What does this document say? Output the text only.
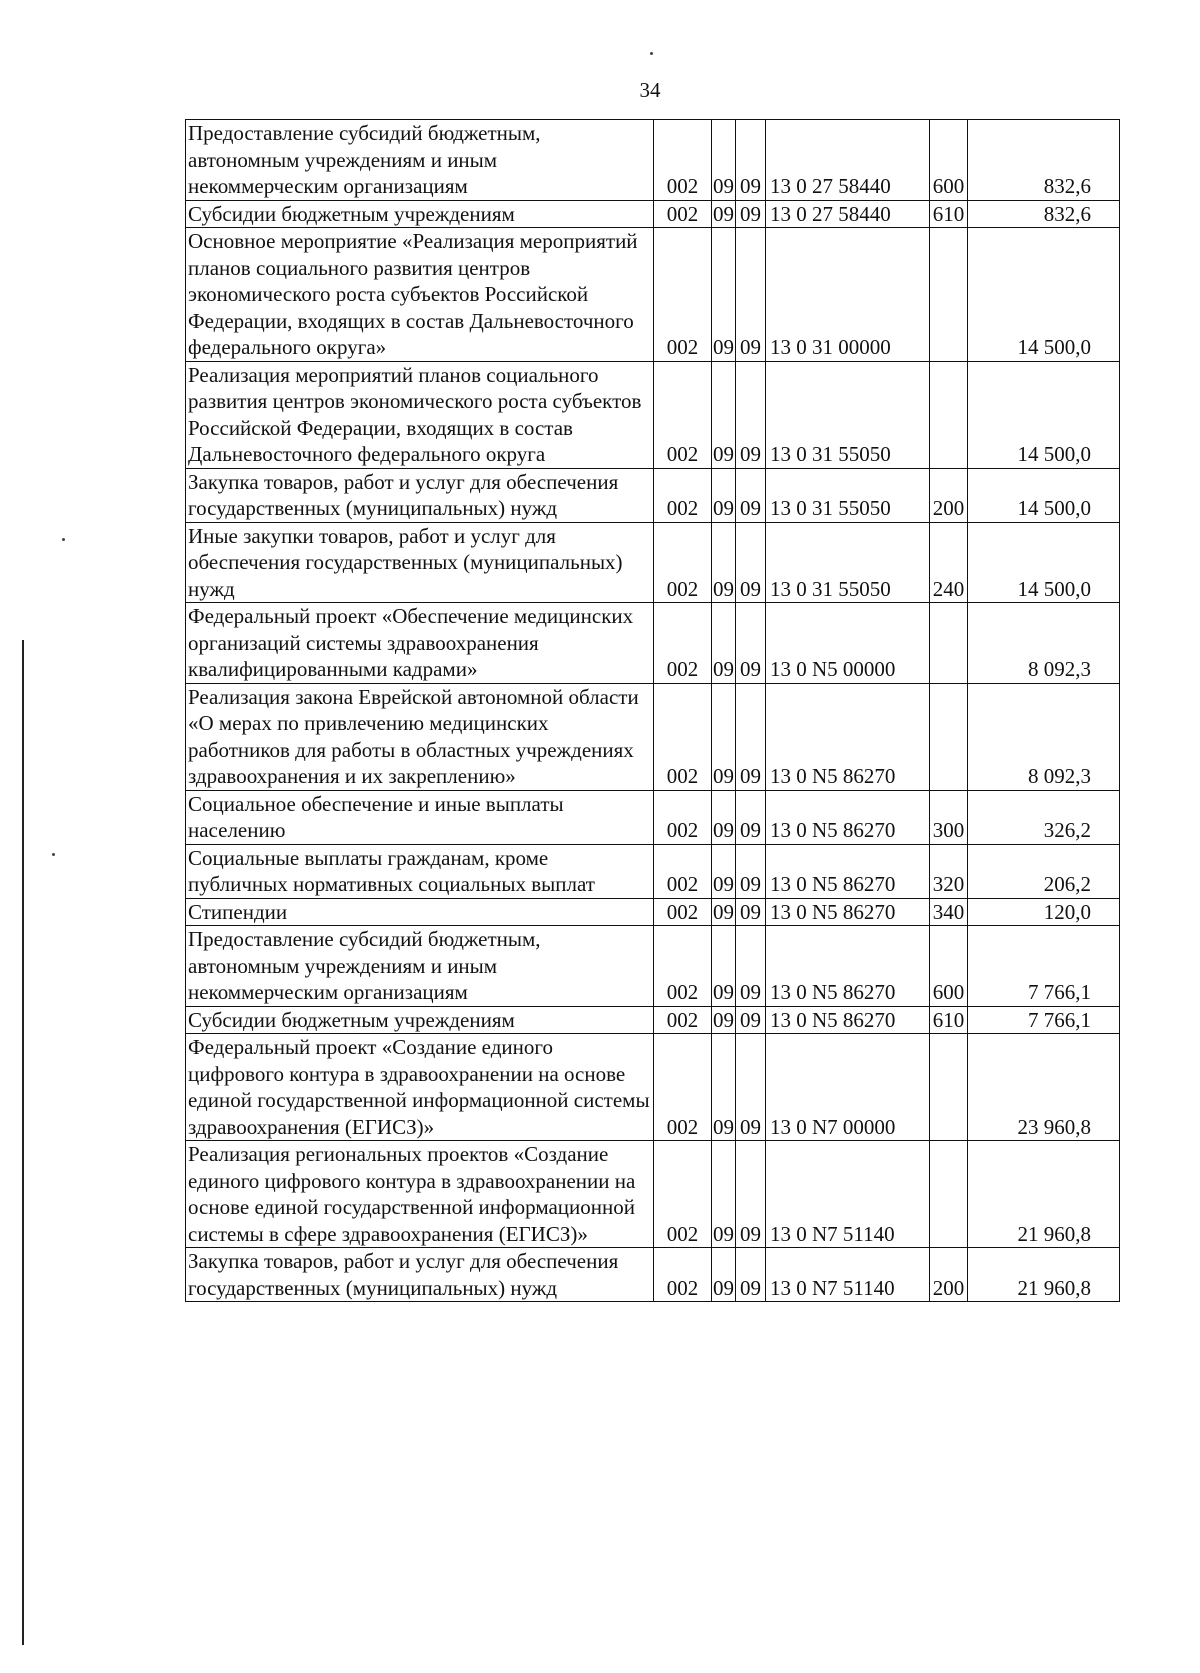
34
Предоставление субсидий бюджетным, автономным учреждениям и иным некоммерческим организациям	002	09	09	13 0 27 58440	600	832,6
Субсидии бюджетным учреждениям	002	09	09	13 0 27 58440	610	832,6
Основное мероприятие «Реализация мероприятий планов социального развития центров экономического роста субъектов Российской Федерации, входящих в состав Дальневосточного федерального округа»	002	09	09	13 0 31 00000		14 500,0
Реализация мероприятий планов социального развития центров экономического роста субъектов Российской Федерации, входящих в состав Дальневосточного федерального округа	002	09	09	13 0 31 55050		14 500,0
Закупка товаров, работ и услуг для обеспечения государственных (муниципальных) нужд	002	09	09	13 0 31 55050	200	14 500,0
Иные закупки товаров, работ и услуг для обеспечения государственных (муниципальных) нужд	002	09	09	13 0 31 55050	240	14 500,0
Федеральный проект «Обеспечение медицинских организаций системы здравоохранения квалифицированными кадрами»	002	09	09	13 0 N5 00000		8 092,3
Реализация закона Еврейской автономной области «О мерах по привлечению медицинских работников для работы в областных учреждениях здравоохранения и их закреплению»	002	09	09	13 0 N5 86270		8 092,3
Социальное обеспечение и иные выплаты населению	002	09	09	13 0 N5 86270	300	326,2
Социальные выплаты гражданам, кроме публичных нормативных социальных выплат	002	09	09	13 0 N5 86270	320	206,2
Стипендии	002	09	09	13 0 N5 86270	340	120,0
Предоставление субсидий бюджетным, автономным учреждениям и иным некоммерческим организациям	002	09	09	13 0 N5 86270	600	7 766,1
Субсидии бюджетным учреждениям	002	09	09	13 0 N5 86270	610	7 766,1
Федеральный проект «Создание единого цифрового контура в здравоохранении на основе единой государственной информационной системы здравоохранения (ЕГИСЗ)»	002	09	09	13 0 N7 00000		23 960,8
Реализация региональных проектов «Создание единого цифрового контура в здравоохранении на основе единой государственной информационной системы в сфере здравоохранения (ЕГИСЗ)»	002	09	09	13 0 N7 51140		21 960,8
Закупка товаров, работ и услуг для обеспечения государственных (муниципальных) нужд	002	09	09	13 0 N7 51140	200	21 960,8
